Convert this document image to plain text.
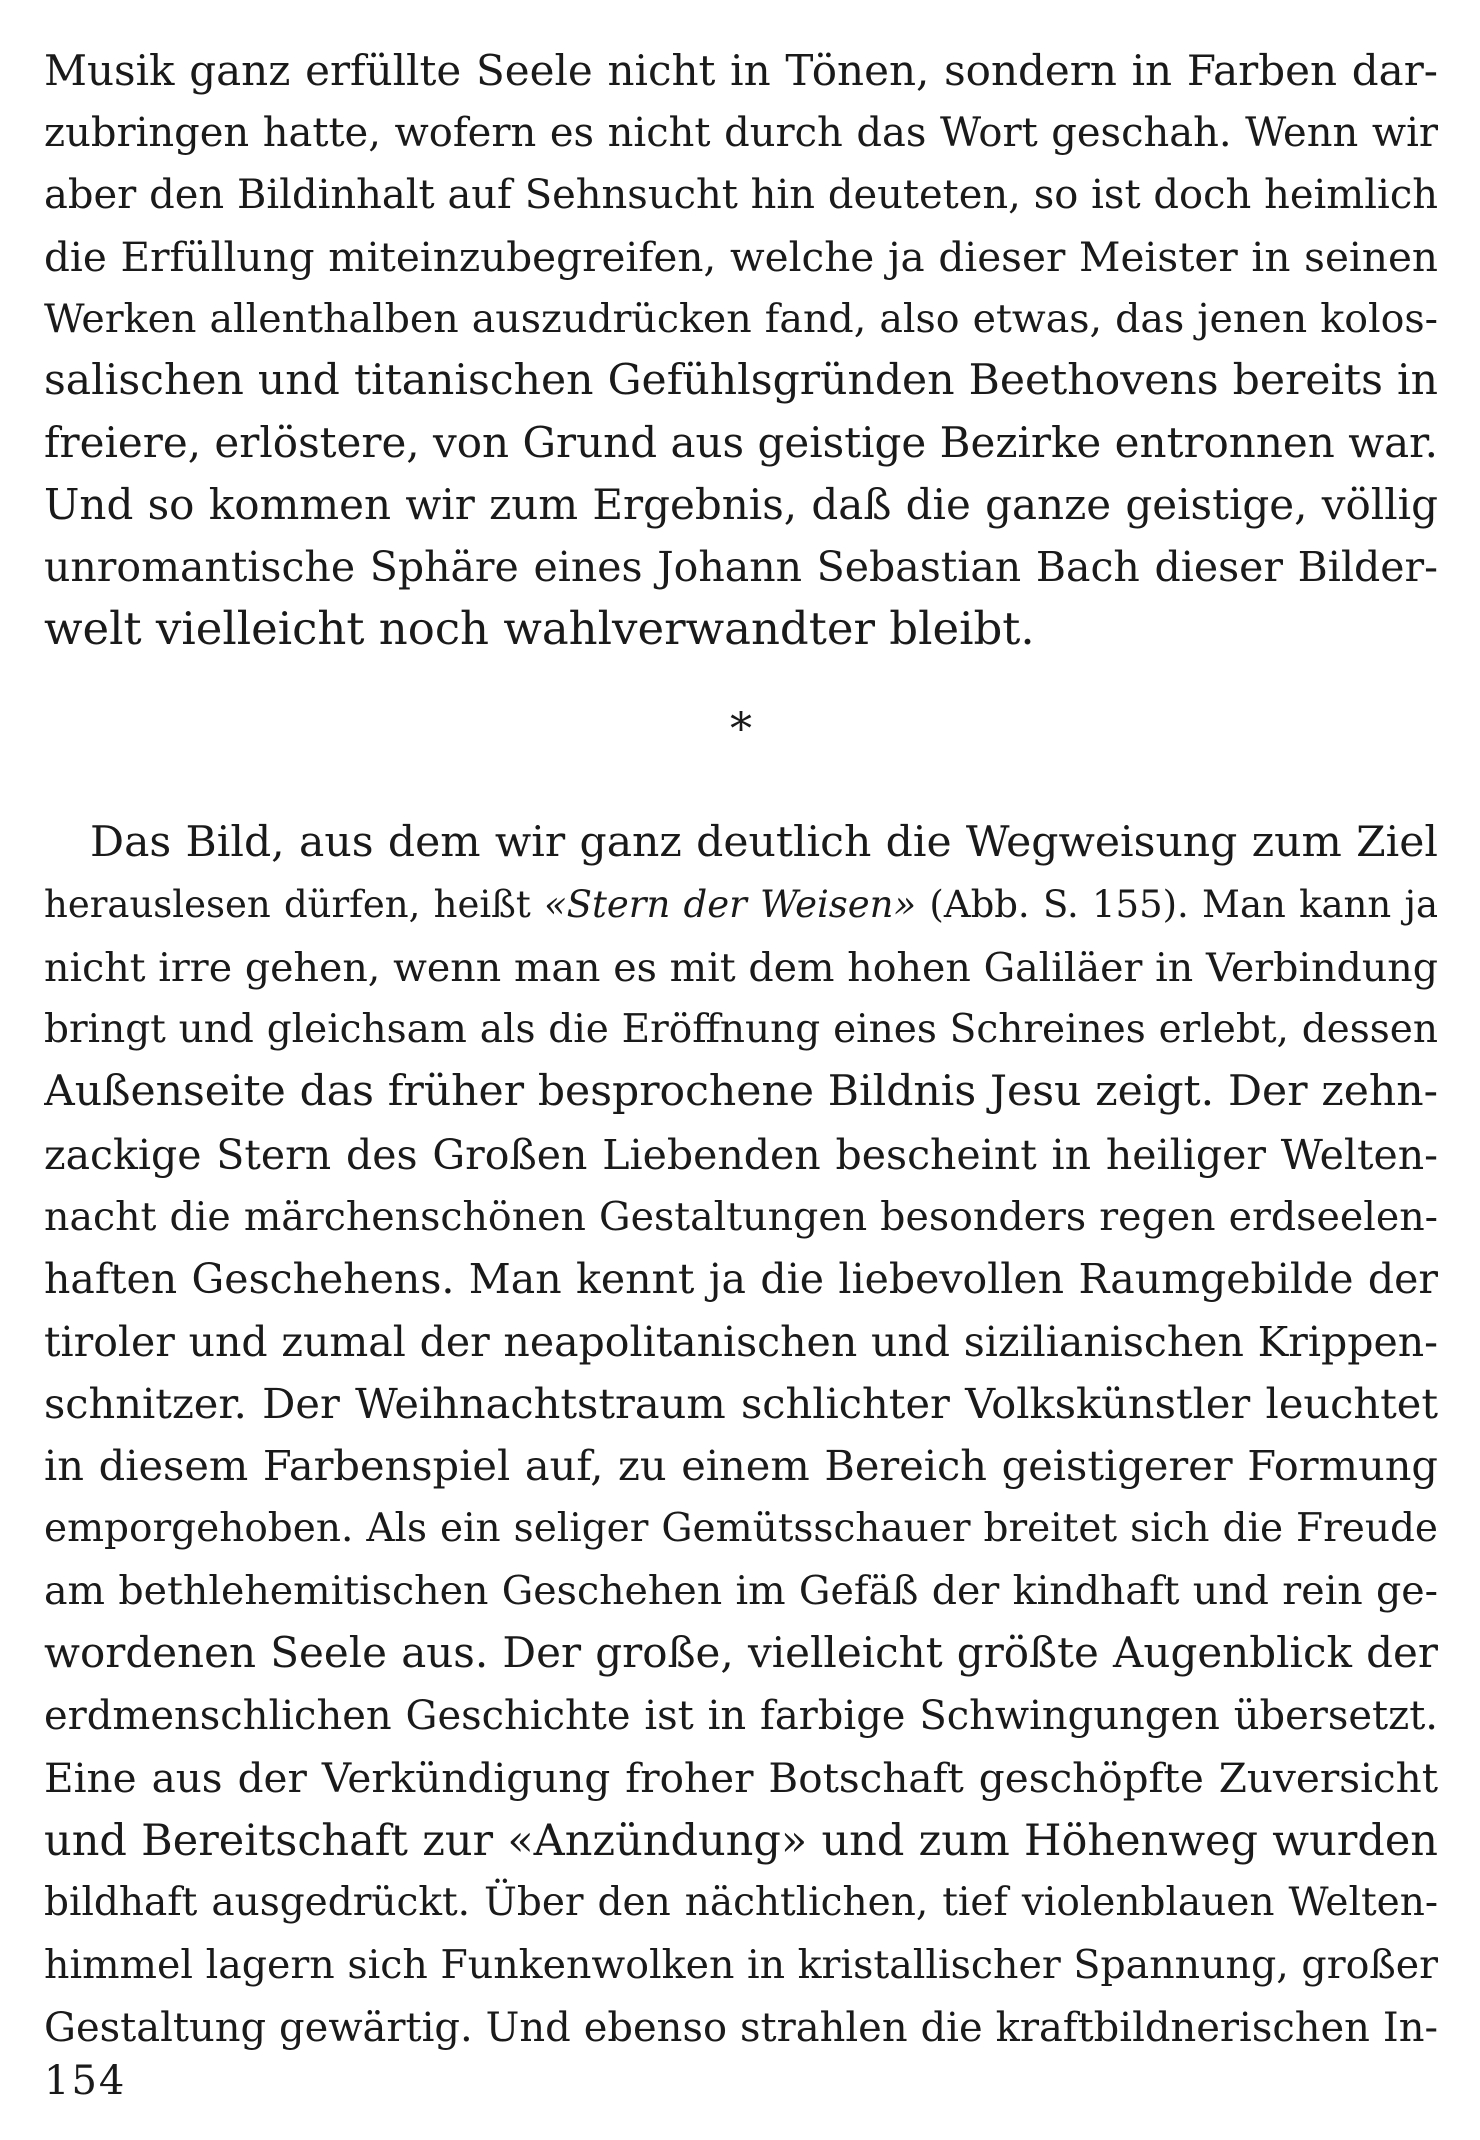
Musik ganz erfüllte Seele nicht in Tönen, sondern in Farben dar-
zubringen hatte, wofern es nicht durch das Wort geschah. Wenn wir
aber den Bildinhalt auf Sehnsucht hin deuteten, so ist doch heimlich
die Erfüllung miteinzubegreifen, welche ja dieser Meister in seinen
Werken allenthalben auszudrücken fand, also etwas, das jenen kolos-
salischen und titanischen Gefühlsgründen Beethovens bereits in
freiere, erlöstere, von Grund aus geistige Bezirke entronnen war.
Und so kommen wir zum Ergebnis, daß die ganze geistige, völlig
unromantische Sphäre eines Johann Sebastian Bach dieser Bilder-
welt vielleicht noch wahlverwandter bleibt.
*
Das Bild, aus dem wir ganz deutlich die Wegweisung zum Ziel
herauslesen dürfen, heißt «Stern der Weisen» (Abb. S. 155). Man kann ja
nicht irre gehen, wenn man es mit dem hohen Galiläer in Verbindung
bringt und gleichsam als die Eröffnung eines Schreines erlebt, dessen
Außenseite das früher besprochene Bildnis Jesu zeigt. Der zehn-
zackige Stern des Großen Liebenden bescheint in heiliger Welten-
nacht die märchenschönen Gestaltungen besonders regen erdseelen-
haften Geschehens. Man kennt ja die liebevollen Raumgebilde der
tiroler und zumal der neapolitanischen und sizilianischen Krippen-
schnitzer. Der Weihnachtstraum schlichter Volkskünstler leuchtet
in diesem Farbenspiel auf, zu einem Bereich geistigerer Formung
emporgehoben. Als ein seliger Gemütsschauer breitet sich die Freude
am bethlehemitischen Geschehen im Gefäß der kindhaft und rein ge-
wordenen Seele aus. Der große, vielleicht größte Augenblick der
erdmenschlichen Geschichte ist in farbige Schwingungen übersetzt.
Eine aus der Verkündigung froher Botschaft geschöpfte Zuversicht
und Bereitschaft zur «Anzündung» und zum Höhenweg wurden
bildhaft ausgedrückt. Über den nächtlichen, tief violenblauen Welten-
himmel lagern sich Funkenwolken in kristallischer Spannung, großer
Gestaltung gewärtig. Und ebenso strahlen die kraftbildnerischen In-
154
